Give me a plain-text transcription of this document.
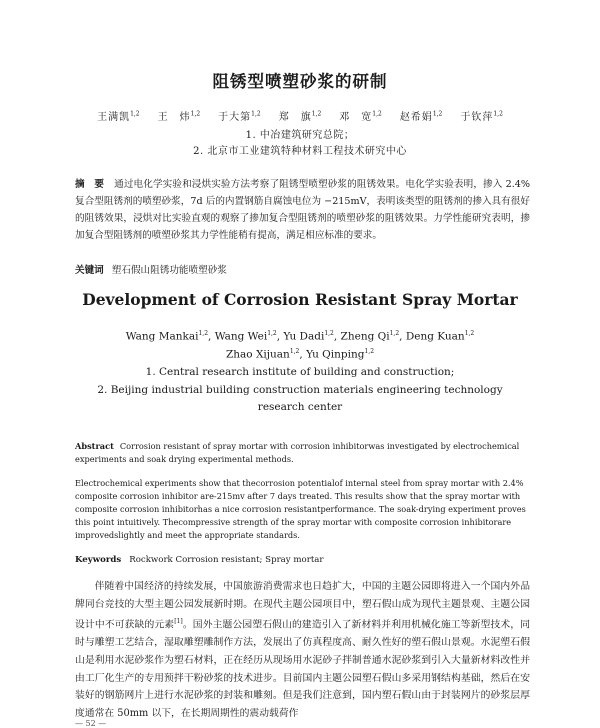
阻锈型喷塑砂浆的研制
王满凯$^{1,2}$ 王　炜$^{1,2}$ 于大第$^{1,2}$ 郑　旗$^{1,2}$ 邓　宽$^{1,2}$ 赵希娟$^{1,2}$ 于钦萍$^{1,2}$
1. 中冶建筑研究总院；
2. 北京市工业建筑特种材料工程技术研究中心
摘　要 通过电化学实验和浸烘实验方法考察了阻锈型喷塑砂浆的阻锈效果。电化学实验表明，掺入 2.4%复合型阻锈剂的喷塑砂浆，7d 后的内置钢筋自腐蚀电位为 −215mV，表明该类型的阻锈剂的掺入具有很好的阻锈效果，浸烘对比实验直观的观察了掺加复合型阻锈剂的喷塑砂浆的阻锈效果。力学性能研究表明，掺加复合型阻锈剂的喷塑砂浆其力学性能稍有提高，满足相应标准的要求。
关键词 塑石假山阻锈功能喷塑砂浆
Development of Corrosion Resistant Spray Mortar
Wang Mankai$^{1,2}$, Wang Wei$^{1,2}$, Yu Dadi$^{1,2}$, Zheng Qi$^{1,2}$, Deng Kuan$^{1,2}$
Zhao Xijuan$^{1,2}$, Yu Qinping$^{1,2}$
1. Central research institute of building and construction;
2. Beijing industrial building construction materials engineering technology
research center
Abstract Corrosion resistant of spray mortar with corrosion inhibitorwas investigated by electrochemical experiments and soak drying experimental methods.
Electrochemical experiments show that thecorrosion potentialof internal steel from spray mortar with 2.4% composite corrosion inhibitor are-215mv after 7 days treated. This results show that the spray mortar with composite corrosion inhibitorhas a nice corrosion resistantperformance. The soak-drying experiment proves this point intuitively. Thecompressive strength of the spray mortar with composite corrosion inhibitorare improvedslightly and meet the appropriate standards.
Keywords Rockwork Corrosion resistant; Spray mortar
伴随着中国经济的持续发展，中国旅游消费需求也日趋扩大，中国的主题公园即将进入一个国内外品牌同台竞技的大型主题公园发展新时期。在现代主题公园项目中，塑石假山成为现代主题景观、主题公园设计中不可获缺的元素[1]。国外主题公园塑石假山的建造引入了新材料并利用机械化施工等新型技术，同时与雕塑工艺结合，湿取雕塑雕制作方法，发展出了仿真程度高、耐久性好的塑石假山景观。水泥塑石假山是利用水泥砂浆作为塑石材料，正在经历从现场用水泥砂子拌制普通水泥砂浆到引入大量新材料改性并由工厂化生产的专用预拌干粉砂浆的技术进步。目前国内主题公园塑石假山多采用钢结构基础，然后在安装好的钢筋网片上进行水泥砂浆的封装和雕刻。但是我们注意到，国内塑石假山由于封装网片的砂浆层厚度通常在 50mm 以下，在长期周期性的震动载荷作
— 52 —
